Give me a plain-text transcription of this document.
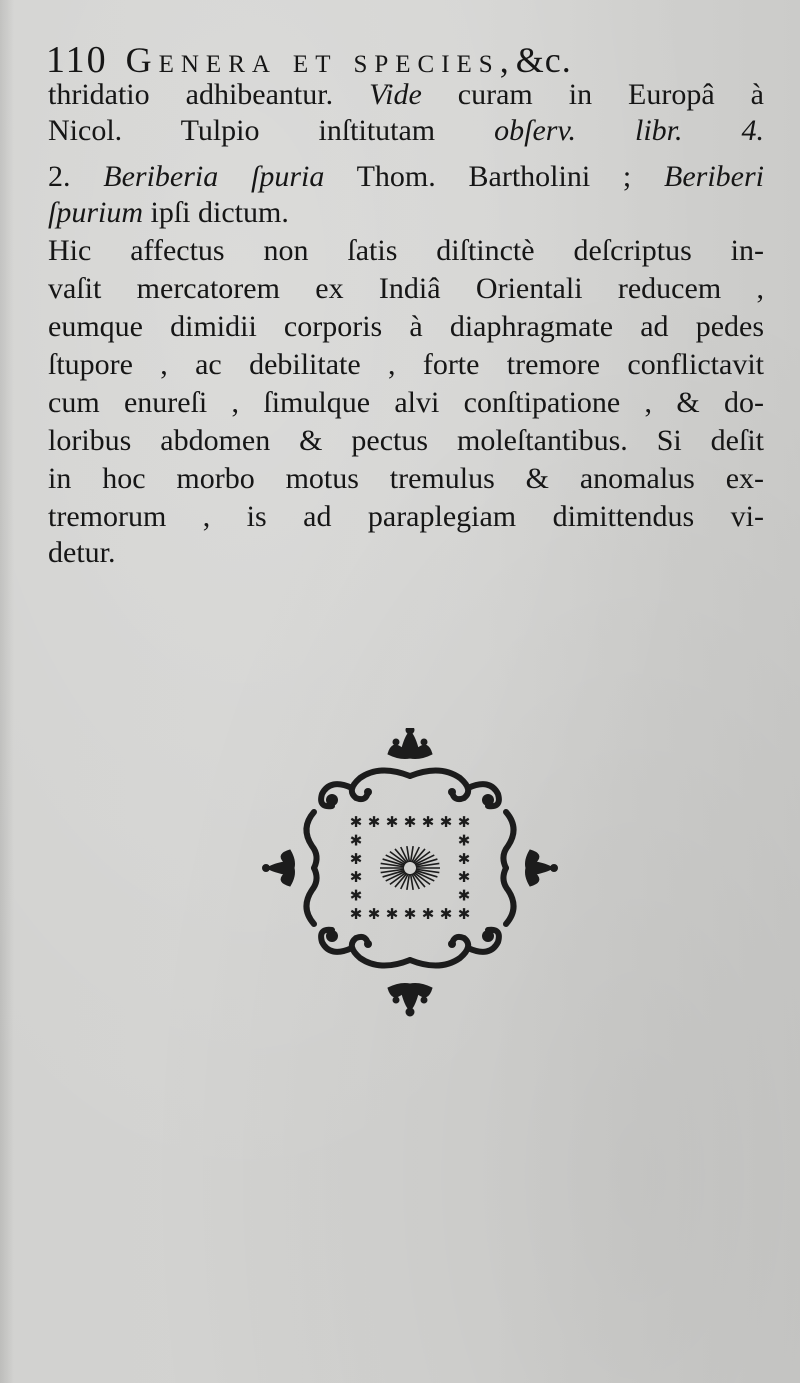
110 Genera et species,&c.
thridatio adhibeantur. Vide curam in Europâ à
Nicol. Tulpio inſtitutam obſerv. libr. 4.
2. Beriberia ſpuria Thom. Bartholini ; Beriberi
ſpurium ipſi dictum.
Hic affectus non ſatis diſtinctè deſcriptus in-
vaſit mercatorem ex Indiâ Orientali reducem ,
eumque dimidii corporis à diaphragmate ad pedes
ſtupore , ac debilitate , forte tremore conflictavit
cum enureſi , ſimulque alvi conſtipatione , & do-
loribus abdomen & pectus moleſtantibus. Si deſit
in hoc morbo motus tremulus & anomalus ex-
tremorum , is ad paraplegiam dimittendus vi-
detur.
✱
✱
✱
✱
✱
✱
✱
✱
✱
✱
✱
✱
✱
✱
✱	✱
✱	✱
✱	✱
✱	✱
